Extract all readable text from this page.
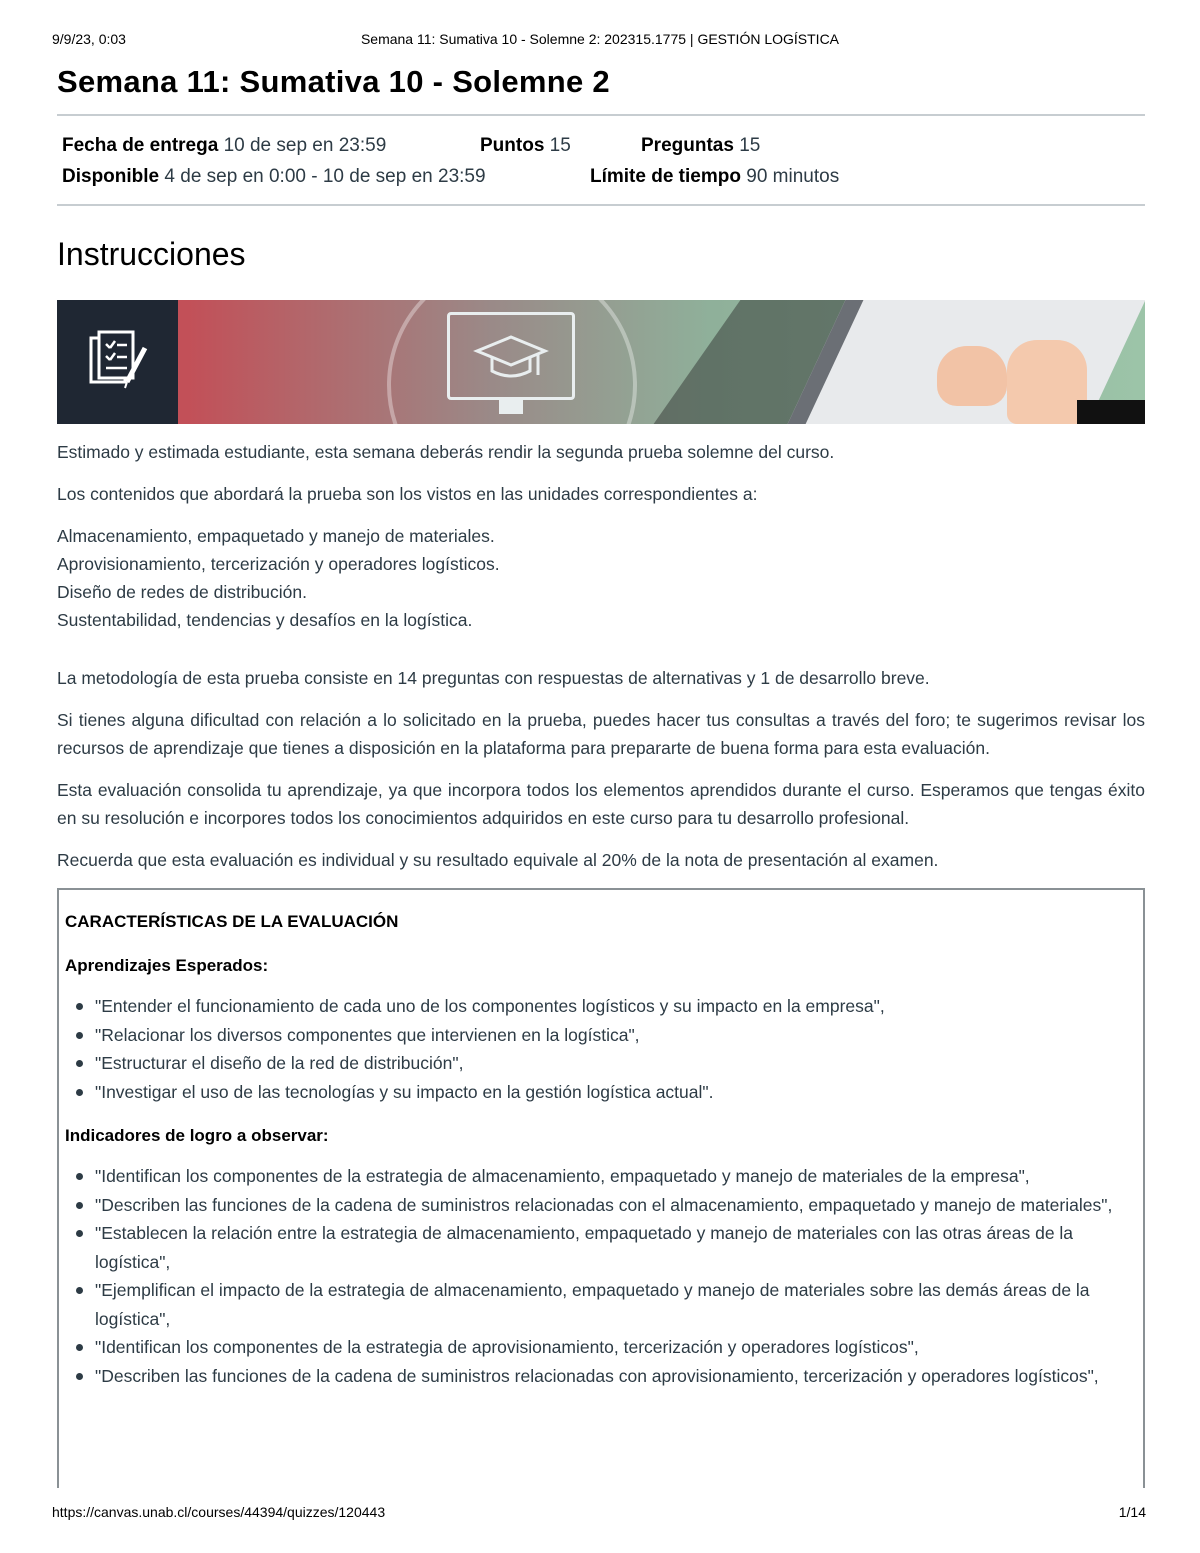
9/9/23, 0:03	Semana 11: Sumativa 10 - Solemne 2: 202315.1775 | GESTIÓN LOGÍSTICA
Semana 11: Sumativa 10 - Solemne 2
Fecha de entrega 10 de sep en 23:59	Puntos 15	Preguntas 15
Disponible 4 de sep en 0:00 - 10 de sep en 23:59	Límite de tiempo 90 minutos
Instrucciones

Estimado y estimada estudiante, esta semana deberás rendir la segunda prueba solemne del curso.

Los contenidos que abordará la prueba son los vistos en las unidades correspondientes a:

Almacenamiento, empaquetado y manejo de materiales.
Aprovisionamiento, tercerización y operadores logísticos.
Diseño de redes de distribución.
Sustentabilidad, tendencias y desafíos en la logística.

La metodología de esta prueba consiste en 14 preguntas con respuestas de alternativas y 1 de desarrollo breve.

Si tienes alguna dificultad con relación a lo solicitado en la prueba, puedes hacer tus consultas a través del foro; te sugerimos revisar los recursos de aprendizaje que tienes a disposición en la plataforma para prepararte de buena forma para esta evaluación.

Esta evaluación consolida tu aprendizaje, ya que incorpora todos los elementos aprendidos durante el curso. Esperamos que tengas éxito en su resolución e incorpores todos los conocimientos adquiridos en este curso para tu desarrollo profesional.

Recuerda que esta evaluación es individual y su resultado equivale al 20% de la nota de presentación al examen.

CARACTERÍSTICAS DE LA EVALUACIÓN
Aprendizajes Esperados:
"Entender el funcionamiento de cada uno de los componentes logísticos y su impacto en la empresa",
"Relacionar los diversos componentes que intervienen en la logística",
"Estructurar el diseño de la red de distribución",
"Investigar el uso de las tecnologías y su impacto en la gestión logística actual".
Indicadores de logro a observar:
"Identifican los componentes de la estrategia de almacenamiento, empaquetado y manejo de materiales de la empresa",
"Describen las funciones de la cadena de suministros relacionadas con el almacenamiento, empaquetado y manejo de materiales",
"Establecen la relación entre la estrategia de almacenamiento, empaquetado y manejo de materiales con las otras áreas de la logística",
"Ejemplifican el impacto de la estrategia de almacenamiento, empaquetado y manejo de materiales sobre las demás áreas de la logística",
"Identifican los componentes de la estrategia de aprovisionamiento, tercerización y operadores logísticos",
"Describen las funciones de la cadena de suministros relacionadas con aprovisionamiento, tercerización y operadores logísticos",
https://canvas.unab.cl/courses/44394/quizzes/120443	1/14
